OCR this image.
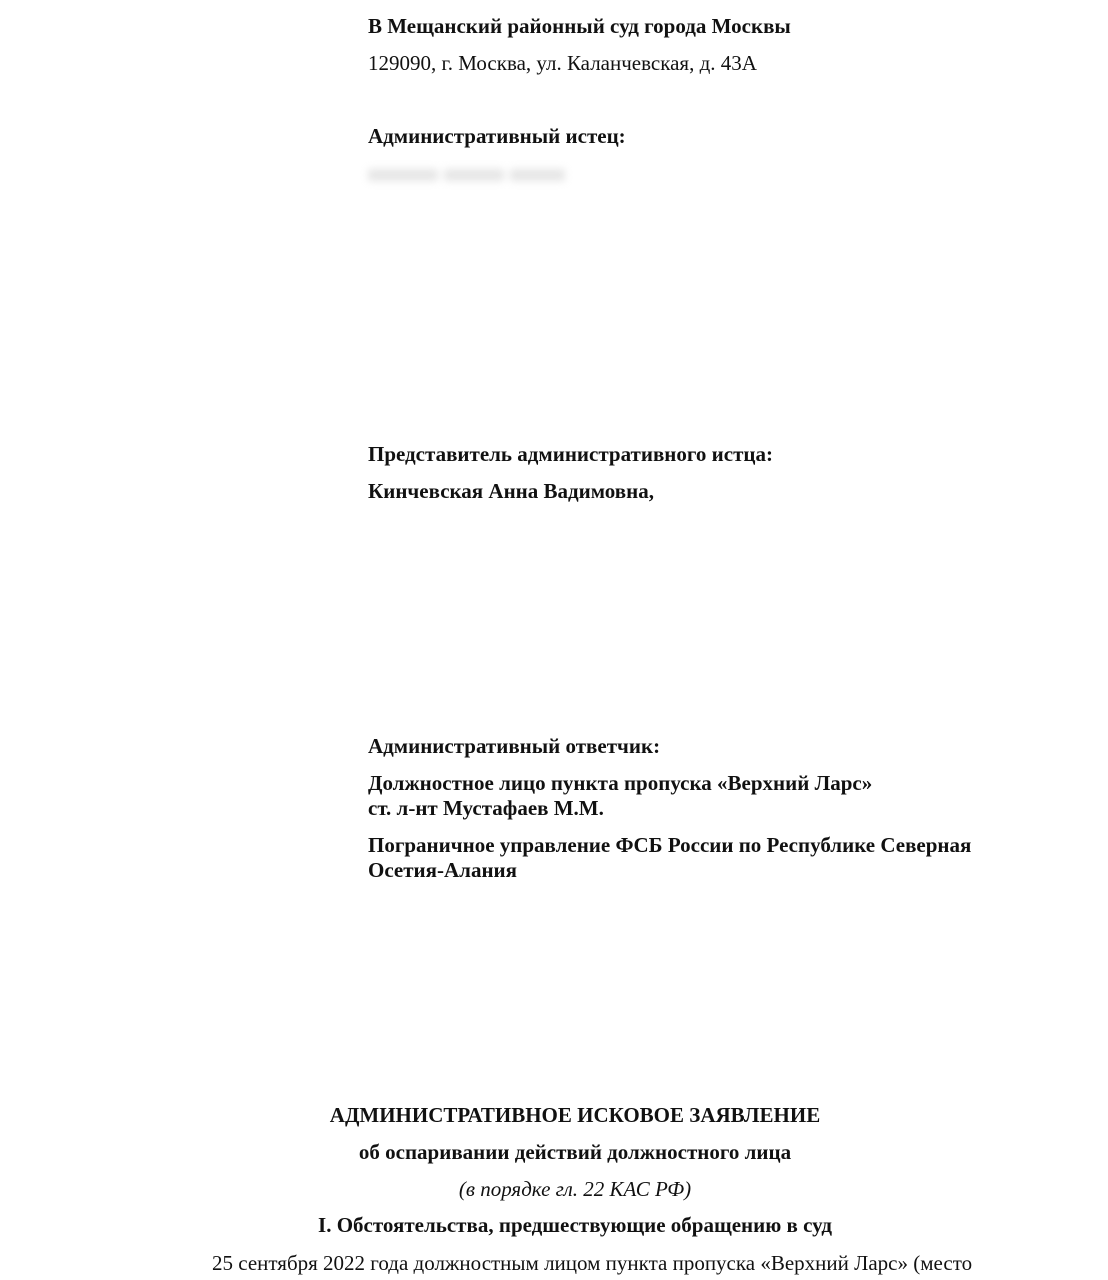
В Мещанский районный суд города Москвы
129090, г. Москва, ул. Каланчевская, д. 43А
Административный истец:
Представитель административного истца:
Кинчевская Анна Вадимовна,
Административный ответчик:
Должностное лицо пункта пропуска «Верхний Ларс»
ст. л-нт Мустафаев М.М.
Пограничное управление ФСБ России по Республике Северная
Осетия-Алания
АДМИНИСТРАТИВНОЕ ИСКОВОЕ ЗАЯВЛЕНИЕ
об оспаривании действий должностного лица
(в порядке гл. 22 КАС РФ)
I. Обстоятельства, предшествующие обращению в суд
25 сентября 2022 года должностным лицом пункта пропуска «Верхний Ларс» (место
